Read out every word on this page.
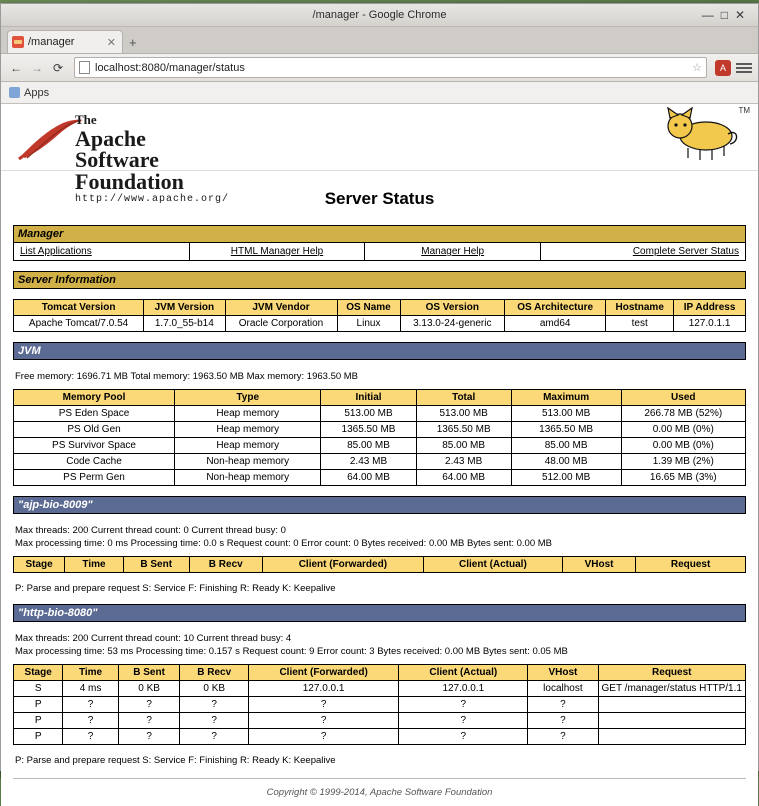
/manager - Google Chrome	—□✕
/manager	✕ +
← → ⟳	localhost:8080/manager/status	☆	A
Apps
The
Apache
Software Foundation
http://www.apache.org/
TM
Server Status
Manager
List Applications	HTML Manager Help	Manager Help	Complete Server Status
Server Information
Tomcat Version	JVM Version	JVM Vendor	OS Name	OS Version	OS Architecture	Hostname	IP Address
Apache Tomcat/7.0.54	1.7.0_55-b14	Oracle Corporation	Linux	3.13.0-24-generic	amd64	test	127.0.1.1
JVM
Free memory: 1696.71 MB Total memory: 1963.50 MB Max memory: 1963.50 MB
Memory Pool	Type	Initial	Total	Maximum	Used
PS Eden Space	Heap memory	513.00 MB	513.00 MB	513.00 MB	266.78 MB (52%)
PS Old Gen	Heap memory	1365.50 MB	1365.50 MB	1365.50 MB	0.00 MB (0%)
PS Survivor Space	Heap memory	85.00 MB	85.00 MB	85.00 MB	0.00 MB (0%)
Code Cache	Non-heap memory	2.43 MB	2.43 MB	48.00 MB	1.39 MB (2%)
PS Perm Gen	Non-heap memory	64.00 MB	64.00 MB	512.00 MB	16.65 MB (3%)
"ajp-bio-8009"
Max threads: 200 Current thread count: 0 Current thread busy: 0
Max processing time: 0 ms Processing time: 0.0 s Request count: 0 Error count: 0 Bytes received: 0.00 MB Bytes sent: 0.00 MB
Stage	Time	B Sent	B Recv	Client (Forwarded)	Client (Actual)	VHost	Request
P: Parse and prepare request S: Service F: Finishing R: Ready K: Keepalive
"http-bio-8080"
Max threads: 200 Current thread count: 10 Current thread busy: 4
Max processing time: 53 ms Processing time: 0.157 s Request count: 9 Error count: 3 Bytes received: 0.00 MB Bytes sent: 0.05 MB
Stage	Time	B Sent	B Recv	Client (Forwarded)	Client (Actual)	VHost	Request
S	4 ms	0 KB	0 KB	127.0.0.1	127.0.0.1	localhost	GET /manager/status HTTP/1.1
P	?	?	?	?	?	?	
P	?	?	?	?	?	?	
P	?	?	?	?	?	?	
P: Parse and prepare request S: Service F: Finishing R: Ready K: Keepalive
Copyright © 1999-2014, Apache Software Foundation
